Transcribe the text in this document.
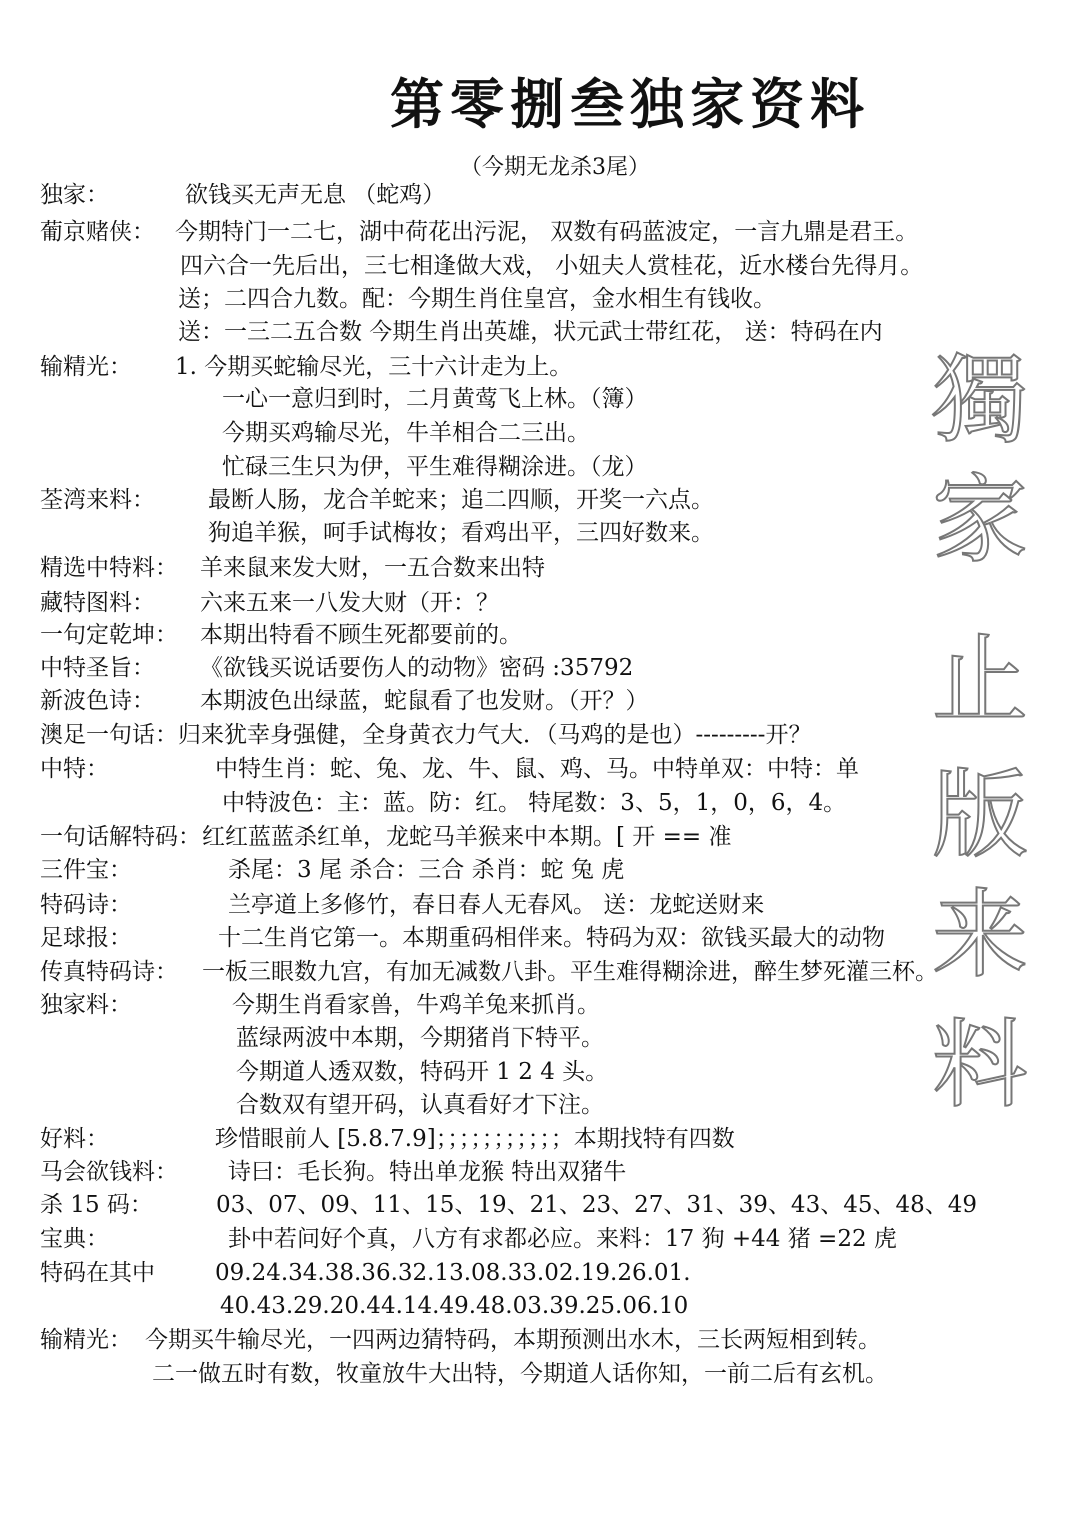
第零捌叁独家资料
（今期无龙杀3尾）
獨
家
止
版
来
料
独家：	欲钱买无声无息 （蛇鸡）
葡京赌侠： 今期特门一二七，湖中荷花出污泥， 双数有码蓝波定，一言九鼎是君王。
四六合一先后出，三七相逢做大戏， 小妞夫人赏桂花，近水楼台先得月。
送；二四合九数。配：今期生肖住皇宫，金水相生有钱收。
送：一三二五合数 今期生肖出英雄，状元武士带红花， 送：特码在内
输精光： 1. 今期买蛇输尽光，三十六计走为上。
一心一意归到时，二月黄莺飞上林。（簿）
今期买鸡输尽光，牛羊相合二三出。
忙碌三生只为伊，平生难得糊涂进。（龙）
荃湾来料： 最断人肠，龙合羊蛇来；追二四顺，开奖一六点。
狗追羊猴，呵手试梅妆；看鸡出平，三四好数来。
精选中特料： 羊来鼠来发大财，一五合数来出特
藏特图料： 六来五来一八发大财（开：？
一句定乾坤： 本期出特看不顾生死都要前的。
中特圣旨： 《欲钱买说话要伤人的动物》密码 :35792
新波色诗： 本期波色出绿蓝，蛇鼠看了也发财。（开？）
澳足一句话： 归来犹幸身强健，全身黄衣力气大．（马鸡的是也）---------开？
中特：	中特生肖：蛇、兔、龙、牛、鼠、鸡、马。中特单双：中特：单
中特波色：主：蓝。防：红。 特尾数：3、5，1，0，6，4。
一句话解特码： 红红蓝蓝杀红单，龙蛇马羊猴来中本期。[ 开 == 准
三件宝：	杀尾：3 尾 杀合：三合 杀肖：蛇 兔 虎
特码诗：	兰亭道上多修竹，春日春人无春风。 送：龙蛇送财来
足球报：	十二生肖它第一。本期重码相伴来。特码为双：欲钱买最大的动物
传真特码诗： 一板三眼数九宫，有加无减数八卦。平生难得糊涂进，醉生梦死灌三杯。
独家料：	今期生肖看家兽，牛鸡羊兔来抓肖。
蓝绿两波中本期，今期猪肖下特平。
今期道人透双数，特码开 1 2 4 头。
合数双有望开码，认真看好才下注。
好料：	珍惜眼前人 [5.8.7.9]；；；；；；；；；；；本期找特有四数
马会欲钱料： 诗曰：毛长狗。特出单龙猴 特出双猪牛
杀 15 码：	03、07、09、11、15、19、21、23、27、31、39、43、45、48、49
宝典：	卦中若问好个真，八方有求都必应。来料：17 狗 +44 猪 =22 虎
特码在其中	09.24.34.38.36.32.13.08.33.02.19.26.01.
40.43.29.20.44.14.49.48.03.39.25.06.10
输精光： 今期买牛输尽光，一四两边猜特码，本期预测出水木，三长两短相到转。
二一做五时有数，牧童放牛大出特，今期道人话你知，一前二后有玄机。
